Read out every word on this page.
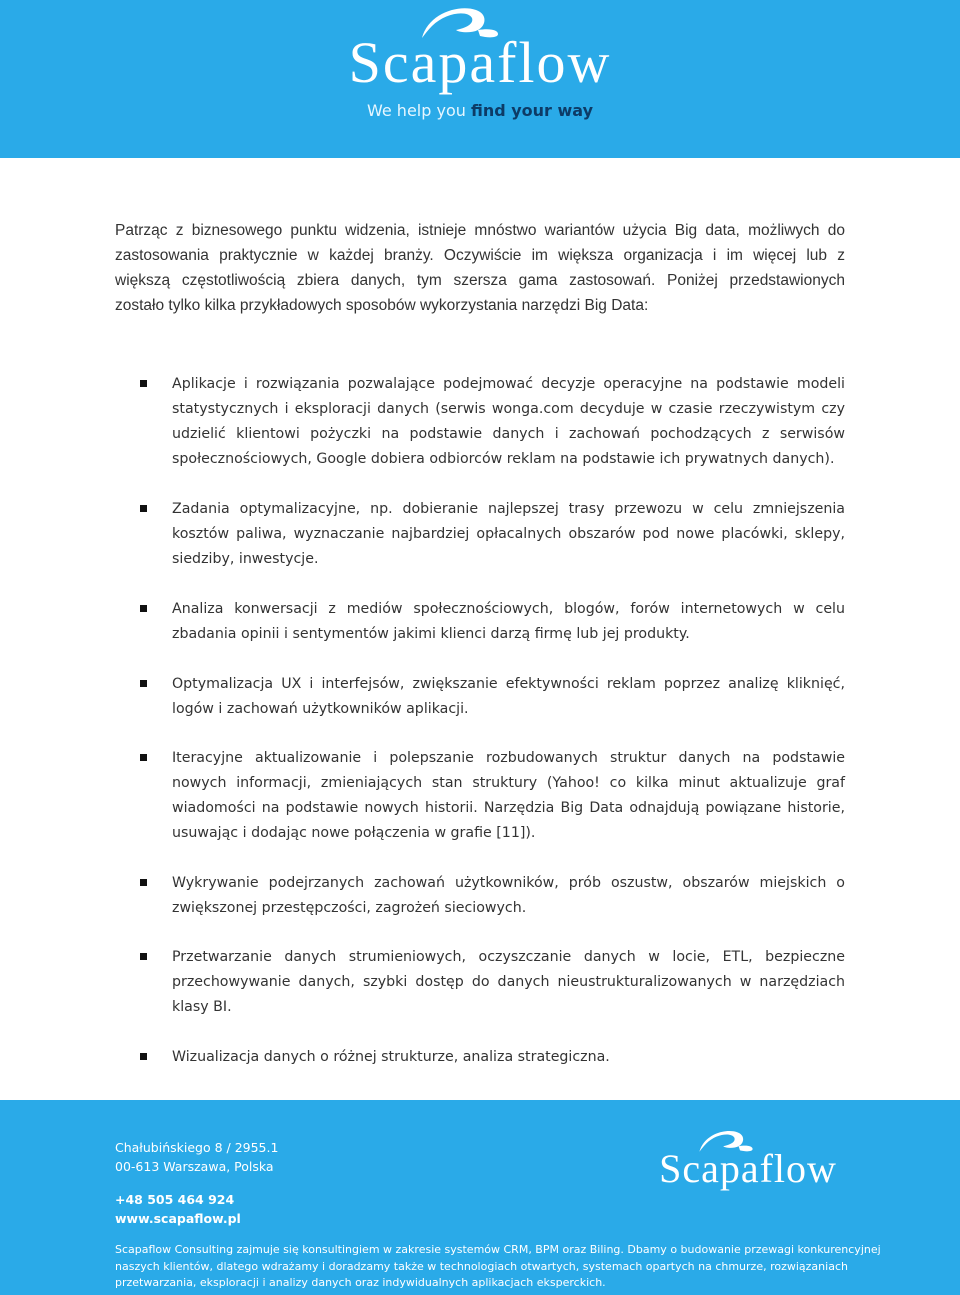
Scapaflow
We help you find your way

Patrząc z biznesowego punktu widzenia, istnieje mnóstwo wariantów użycia Big data, możliwych do
zastosowania praktycznie w każdej branży. Oczywiście im większa organizacja i im więcej lub z
większą częstotliwością zbiera danych, tym szersza gama zastosowań. Poniżej przedstawionych
zostało tylko kilka przykładowych sposobów wykorzystania narzędzi Big Data:

Aplikacje i rozwiązania pozwalające podejmować decyzje operacyjne na podstawie modeli
statystycznych i eksploracji danych (serwis wonga.com decyduje w czasie rzeczywistym czy
udzielić klientowi pożyczki na podstawie danych i zachowań pochodzących z serwisów
społecznościowych, Google dobiera odbiorców reklam na podstawie ich prywatnych danych).

Zadania optymalizacyjne, np. dobieranie najlepszej trasy przewozu w celu zmniejszenia
kosztów paliwa, wyznaczanie najbardziej opłacalnych obszarów pod nowe placówki, sklepy,
siedziby, inwestycje.

Analiza konwersacji z mediów społecznościowych, blogów, forów internetowych w celu
zbadania opinii i sentymentów jakimi klienci darzą firmę lub jej produkty.

Optymalizacja UX i interfejsów, zwiększanie efektywności reklam poprzez analizę kliknięć,
logów i zachowań użytkowników aplikacji.

Iteracyjne aktualizowanie i polepszanie rozbudowanych struktur danych na podstawie
nowych informacji, zmieniających stan struktury (Yahoo! co kilka minut aktualizuje graf
wiadomości na podstawie nowych historii. Narzędzia Big Data odnajdują powiązane historie,
usuwając i dodając nowe połączenia w grafie [11]).

Wykrywanie podejrzanych zachowań użytkowników, prób oszustw, obszarów miejskich o
zwiększonej przestępczości, zagrożeń sieciowych.

Przetwarzanie danych strumieniowych, oczyszczanie danych w locie, ETL, bezpieczne
przechowywanie danych, szybki dostęp do danych nieustrukturalizowanych w narzędziach
klasy BI.

Wizualizacja danych o różnej strukturze, analiza strategiczna.

Chałubińskiego 8 / 2955.1
00-613 Warszawa, Polska
+48 505 464 924
www.scapaflow.pl
Scapaflow
Scapaflow Consulting zajmuje się konsultingiem w zakresie systemów CRM, BPM oraz Biling. Dbamy o budowanie przewagi konkurencyjnej
naszych klientów, dlatego wdrażamy i doradzamy także w technologiach otwartych, systemach opartych na chmurze, rozwiązaniach
przetwarzania, eksploracji i analizy danych oraz indywidualnych aplikacjach eksperckich.
